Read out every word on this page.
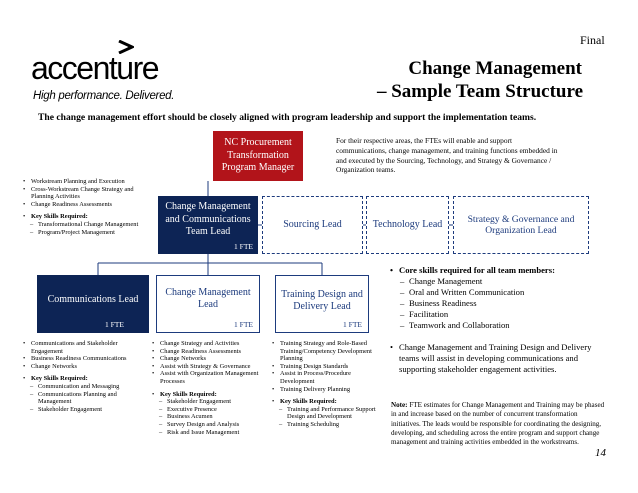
Final
accenture
High performance. Delivered.
Change Management
– Sample Team Structure
The change management effort should be closely aligned with program leadership and support the implementation teams.
NC Procurement Transformation Program Manager
For their respective areas, the FTEs will enable and support communications, change management, and training functions embedded in and executed by the Sourcing, Technology, and Strategy & Governance / Organization teams.
• Workstream Planning and Execution
• Cross-Workstream Change Strategy and Planning Activities
• Change Readiness Assessments
• Key Skills Required:
– Transformational Change Management
– Program/Project Management
Change Management and Communications Team Lead
1 FTE
Sourcing Lead	Technology Lead	Strategy & Governance and Organization Lead
Communications Lead
1 FTE
Change Management Lead
1 FTE
Training Design and Delivery Lead
1 FTE
• Communications and Stakeholder Engagement
• Business Readiness Communications
• Change Networks
• Key Skills Required:
– Communication and Messaging
– Communications Planning and Management
– Stakeholder Engagement
• Change Strategy and Activities
• Change Readiness Assessments
• Change Networks
• Assist with Strategy & Governance
• Assist with Organization Management Processes
• Key Skills Required:
– Stakeholder Engagement
– Executive Presence
– Business Acumen
– Survey Design and Analysis
– Risk and Issue Management
• Training Strategy and Role-Based Training/Competency Development Planning
• Training Design Standards
• Assist in Process/Procedure Development
• Training Delivery Planning
• Key Skills Required:
– Training and Performance Support Design and Development
– Training Scheduling
• Core skills required for all team members:
– Change Management
– Oral and Written Communication
– Business Readiness
– Facilitation
– Teamwork and Collaboration
• Change Management and Training Design and Delivery teams will assist in developing communications and supporting stakeholder engagement activities.
Note: FTE estimates for Change Management and Training may be phased in and increase based on the number of concurrent transformation initiatives. The leads would be responsible for coordinating the designing, developing, and scheduling across the entire program and support change management and training activities embedded in the workstreams.
14
